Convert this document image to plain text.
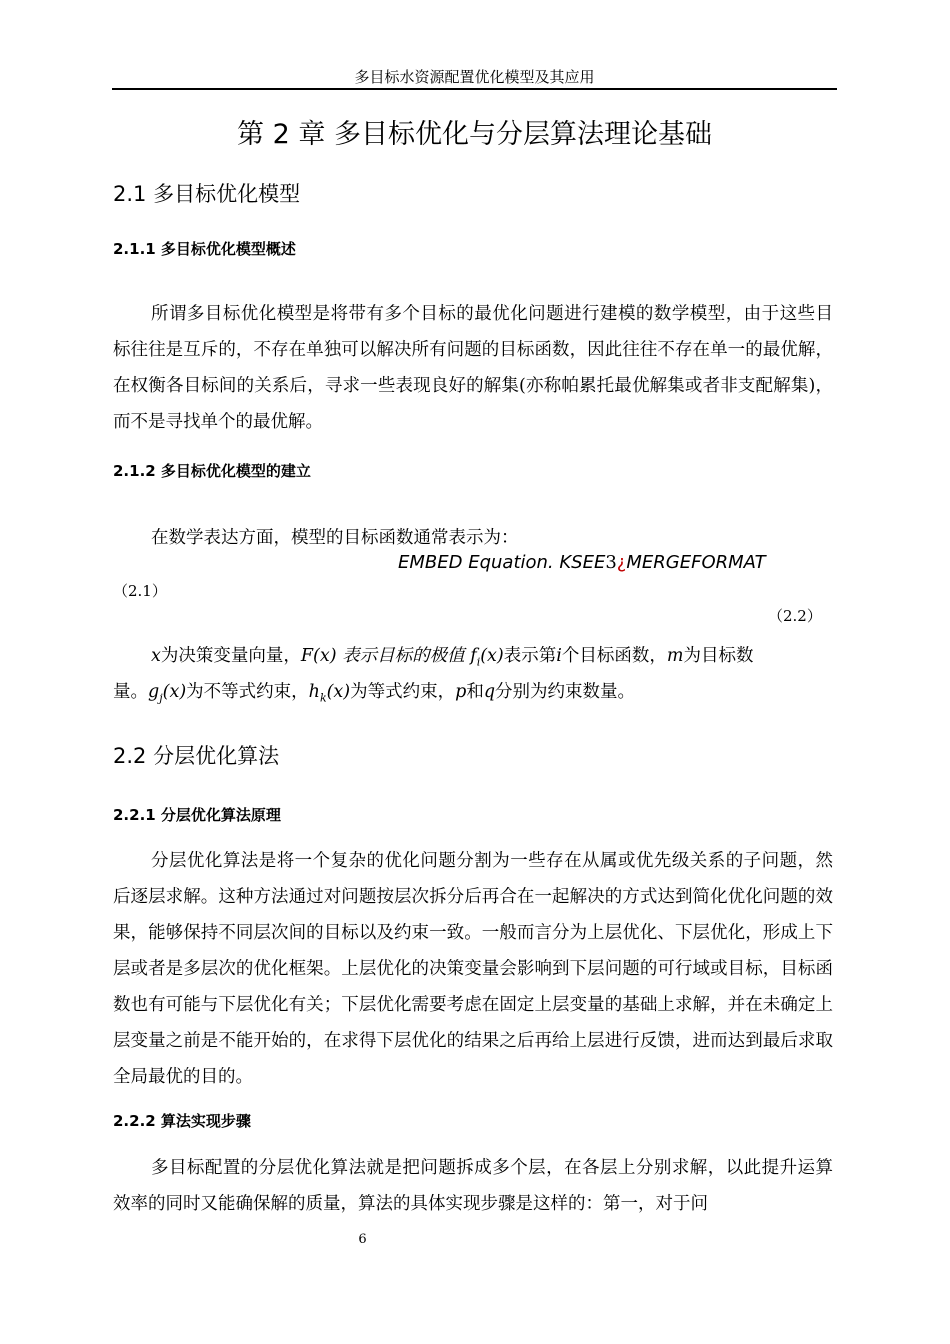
多目标水资源配置优化模型及其应用
第 2 章 多目标优化与分层算法理论基础
2.1 多目标优化模型
2.1.1 多目标优化模型概述

所谓多目标优化模型是将带有多个目标的最优化问题进行建模的数学模型，由于这些目标往往是互斥的，不存在单独可以解决所有问题的目标函数，因此往往不存在单一的最优解，在权衡各目标间的关系后，寻求一些表现良好的解集(亦称帕累托最优解集或者非支配解集)，而不是寻找单个的最优解。

2.1.2 多目标优化模型的建立
在数学表达方面，模型的目标函数通常表示为：
EMBED Equation. KSEE3¿MERGEFORMAT
（2.1）
（2.2）
x为决策变量向量，F(x) 表示目标的极值 $f_i(x)$表示第i个目标函数，m为目标数
量。$g_j(x)$为不等式约束，$h_k(x)$为等式约束，p和q分别为约束数量。
2.2 分层优化算法
2.2.1 分层优化算法原理

分层优化算法是将一个复杂的优化问题分割为一些存在从属或优先级关系的子问题，然后逐层求解。这种方法通过对问题按层次拆分后再合在一起解决的方式达到简化优化问题的效果，能够保持不同层次间的目标以及约束一致。一般而言分为上层优化、下层优化，形成上下层或者是多层次的优化框架。上层优化的决策变量会影响到下层问题的可行域或目标，目标函数也有可能与下层优化有关；下层优化需要考虑在固定上层变量的基础上求解，并在未确定上层变量之前是不能开始的，在求得下层优化的结果之后再给上层进行反馈，进而达到最后求取全局最优的目的。

2.2.2 算法实现步骤

多目标配置的分层优化算法就是把问题拆成多个层，在各层上分别求解，以此提升运算效率的同时又能确保解的质量，算法的具体实现步骤是这样的：第一，对于问

6
